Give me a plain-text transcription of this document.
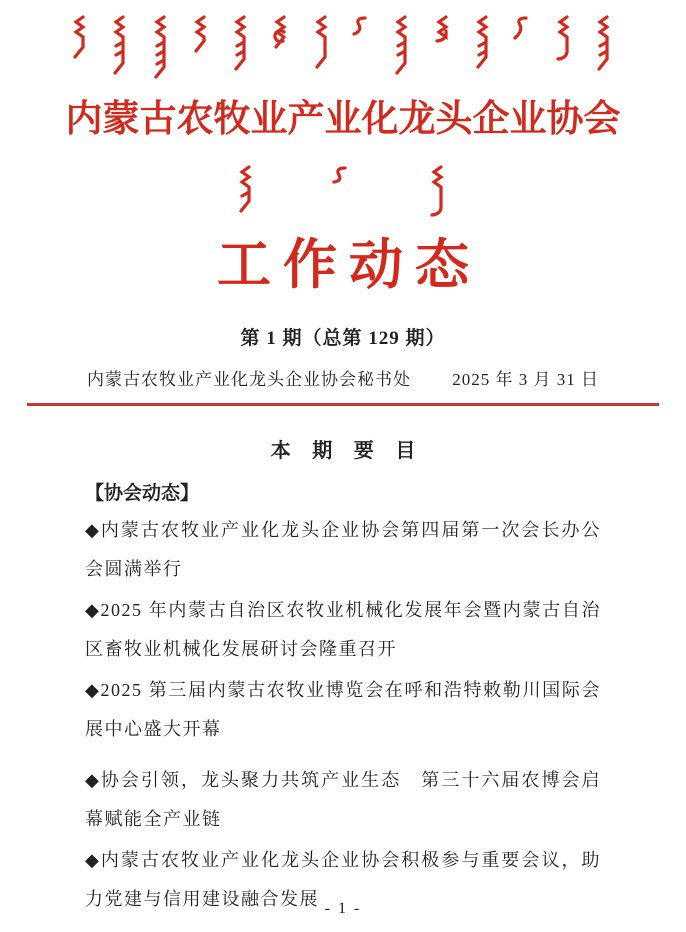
内蒙古农牧业产业化龙头企业协会
工作动态
第 1 期（总第 129 期）
内蒙古农牧业产业化龙头企业协会秘书处 2025 年 3 月 31 日
本 期 要 目
【协会动态】

◆内蒙古农牧业产业化龙头企业协会第四届第一次会长办公会圆满举行

◆2025 年内蒙古自治区农牧业机械化发展年会暨内蒙古自治区畜牧业机械化发展研讨会隆重召开

◆2025 第三届内蒙古农牧业博览会在呼和浩特敕勒川国际会展中心盛大开幕

◆协会引领，龙头聚力共筑产业生态　第三十六届农博会启幕赋能全产业链

◆内蒙古农牧业产业化龙头企业协会积极参与重要会议，助力党建与信用建设融合发展 - 1 -
